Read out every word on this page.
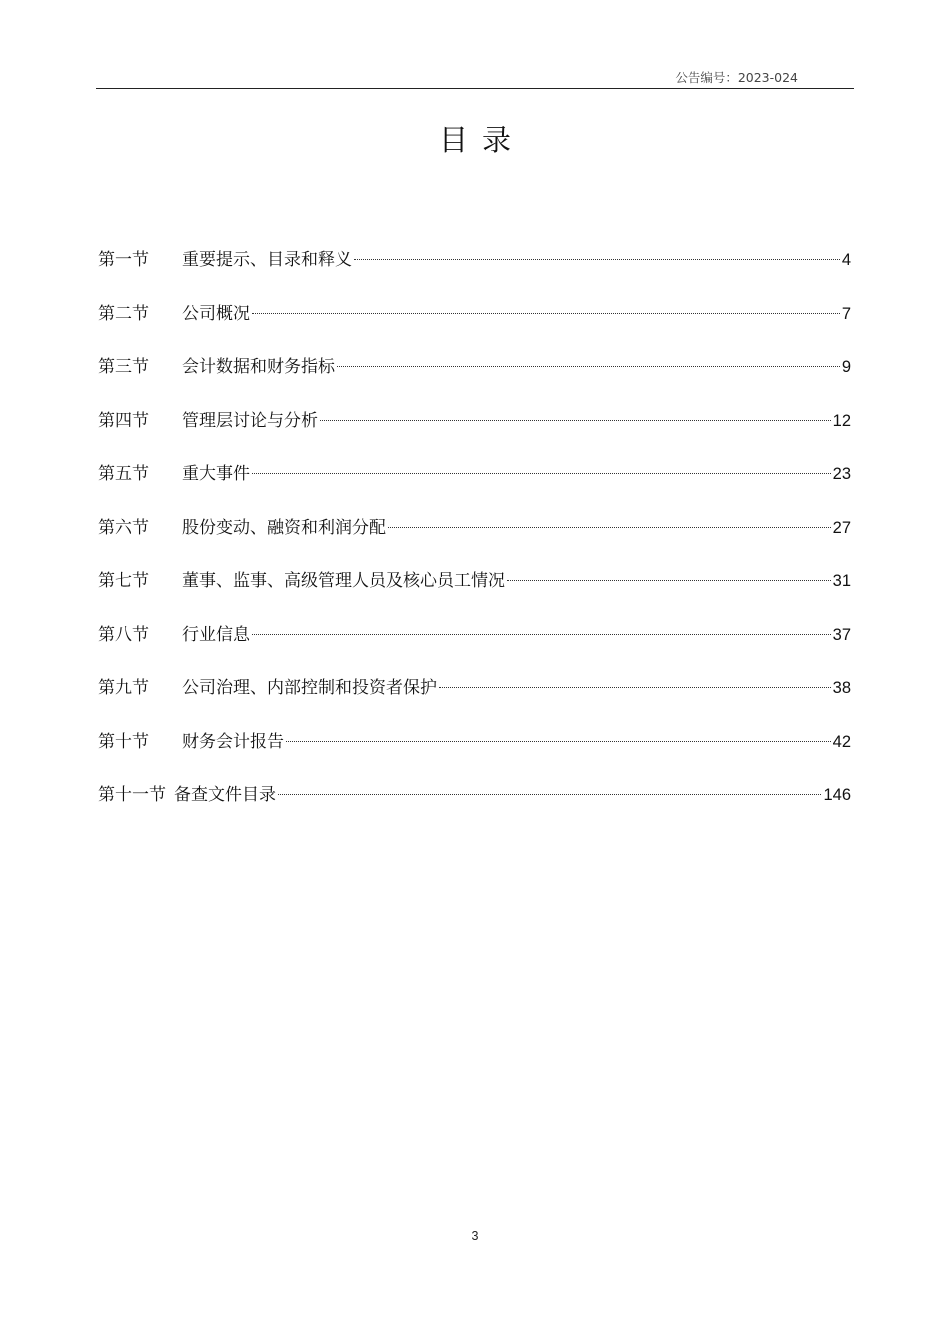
公告编号：2023-024
目录
第一节	重要提示、目录和释义	4
第二节	公司概况	7
第三节	会计数据和财务指标	9
第四节	管理层讨论与分析	12
第五节	重大事件	23
第六节	股份变动、融资和利润分配	27
第七节	董事、监事、高级管理人员及核心员工情况	31
第八节	行业信息	37
第九节	公司治理、内部控制和投资者保护	38
第十节	财务会计报告	42
第十一节 备查文件目录	146
3
